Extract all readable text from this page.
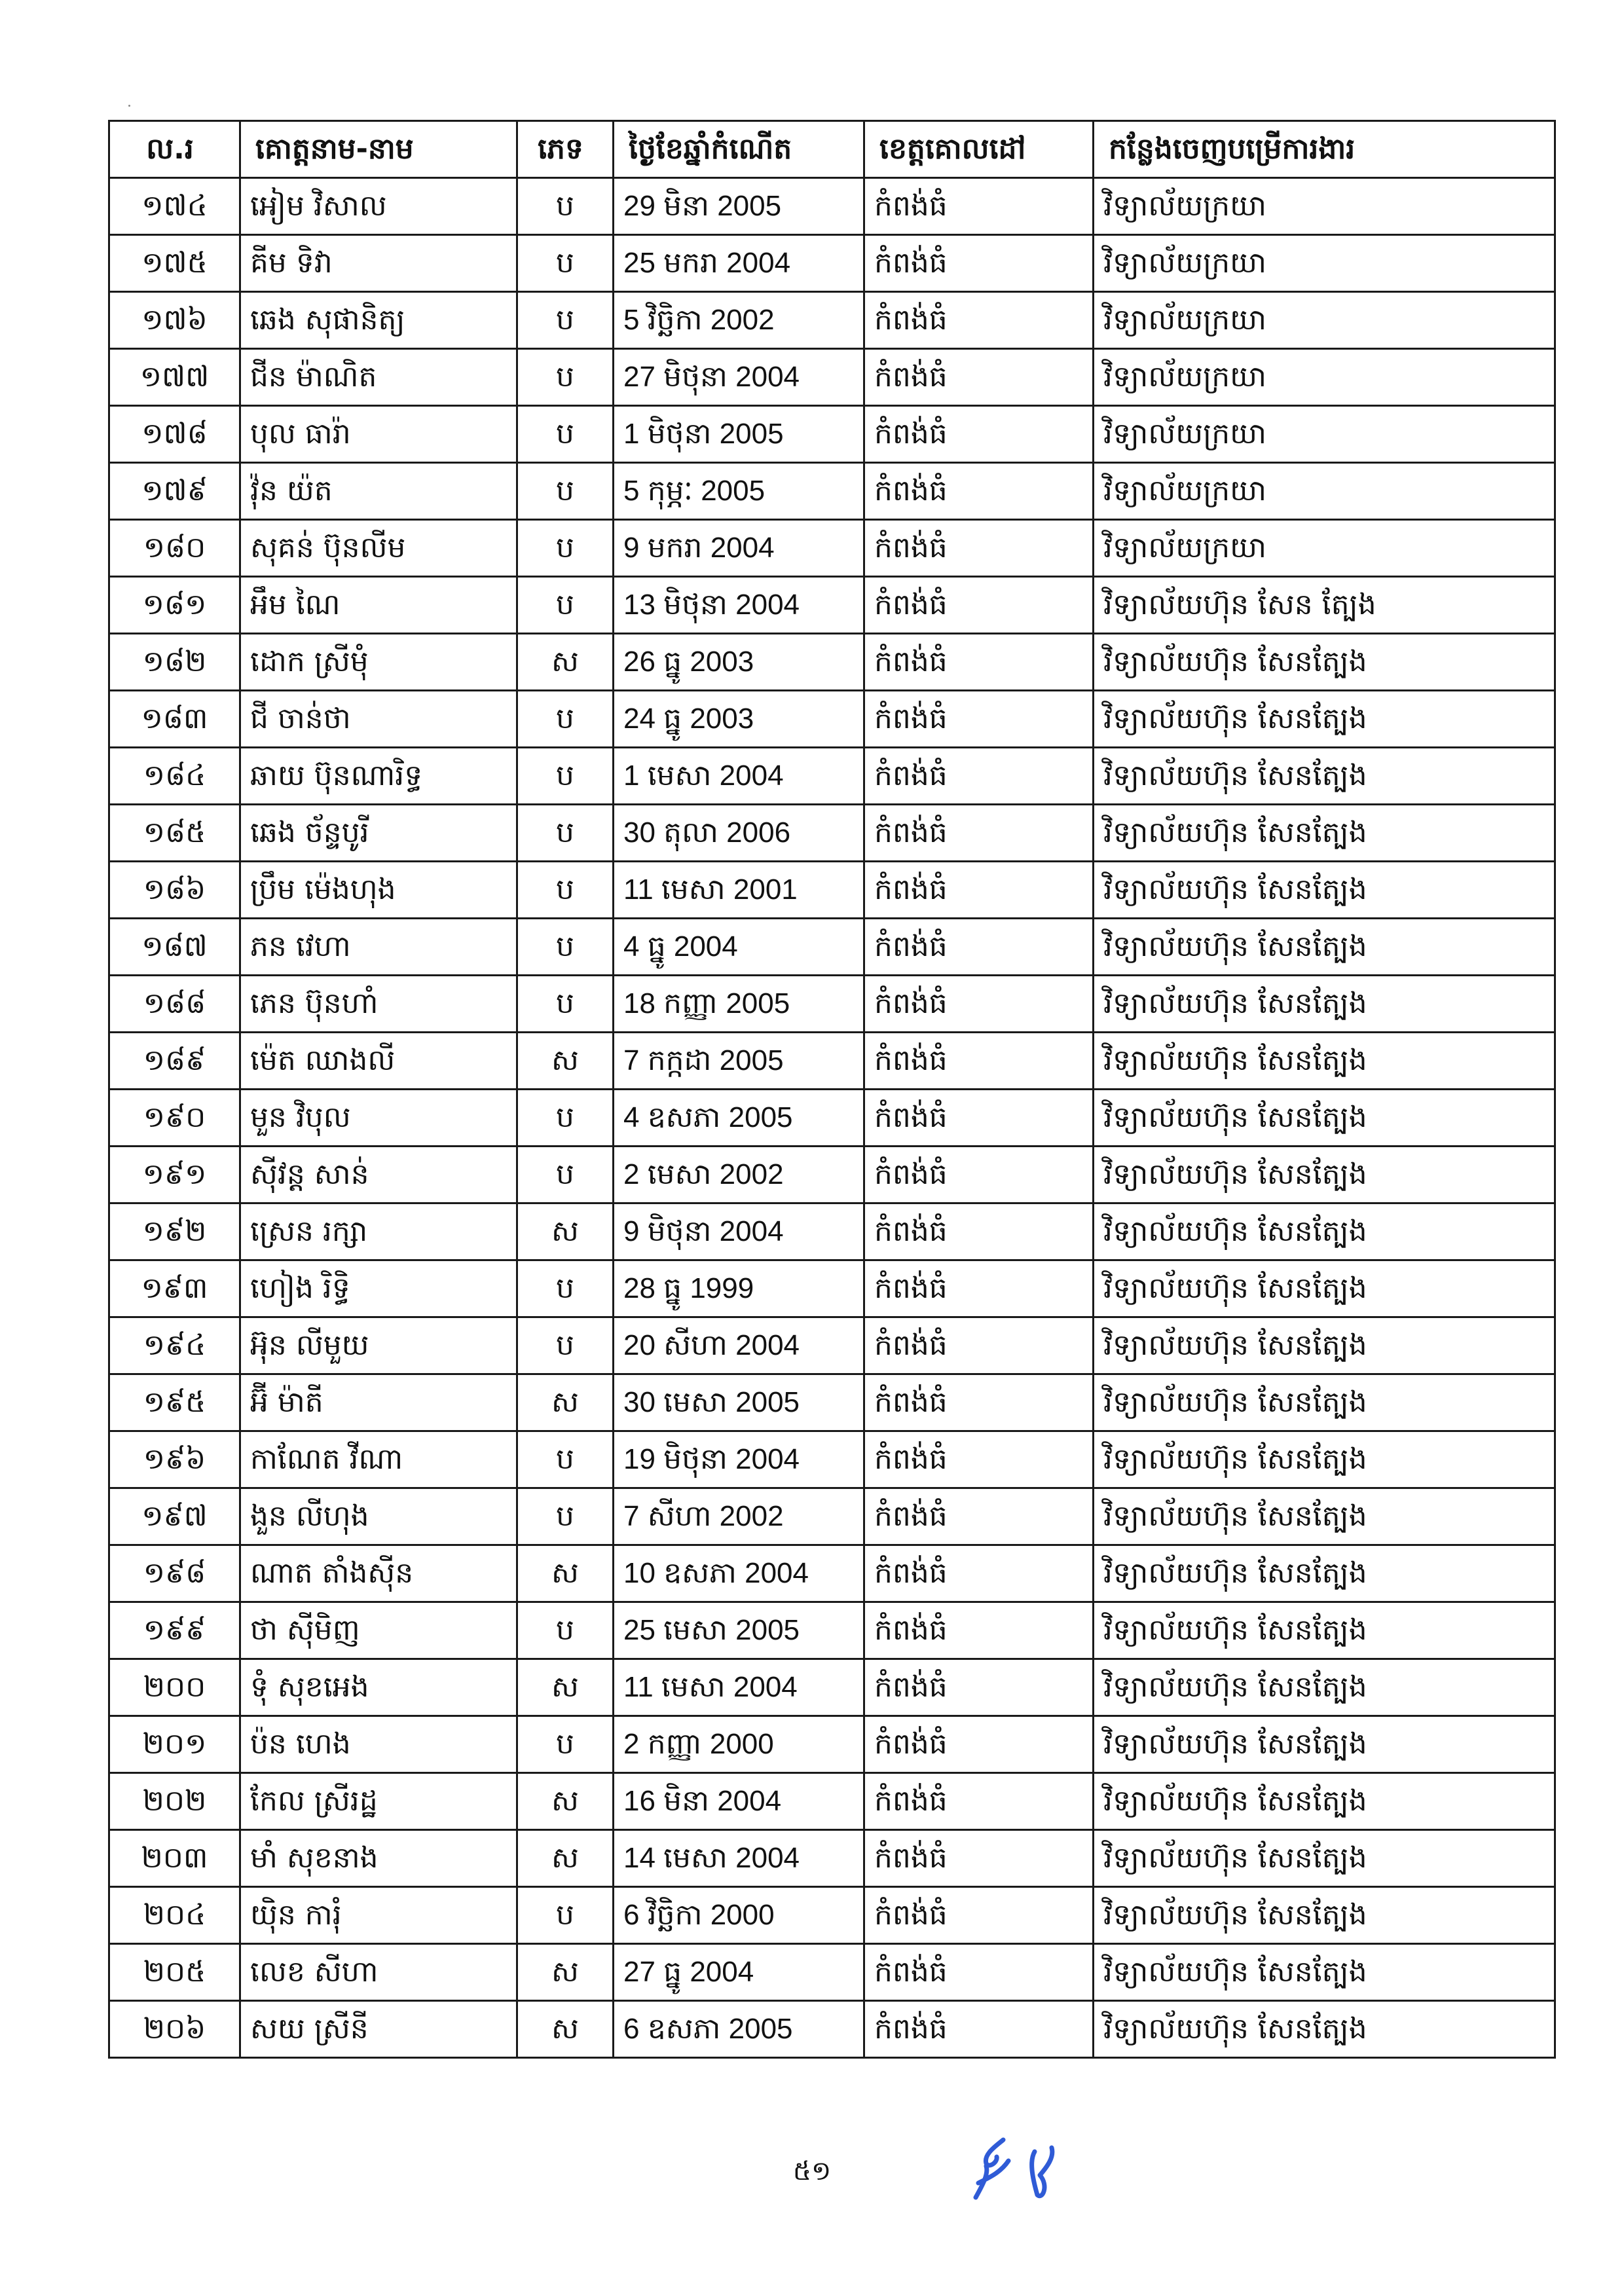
ល.រ	គោត្តនាម-នាម	ភេទ	ថ្ងៃខែឆ្នាំកំណើត	ខេត្តគោលដៅ	កន្លែងចេញបម្រើការងារ
១៧៤	អៀម វិសាល	ប	29 មិនា 2005	កំពង់ធំ	វិទ្យាល័យក្រយា
១៧៥	គីម ទិវា	ប	25 មករា 2004	កំពង់ធំ	វិទ្យាល័យក្រយា
១៧៦	ឆេង សុផានិត្យ	ប	5 វិច្ឆិកា 2002	កំពង់ធំ	វិទ្យាល័យក្រយា
១៧៧	ជីន ម៉ាណិត	ប	27 មិថុនា 2004	កំពង់ធំ	វិទ្យាល័យក្រយា
១៧៨	បុល ធារ៉ា	ប	1 មិថុនា 2005	កំពង់ធំ	វិទ្យាល័យក្រយា
១៧៩	វ៉ុន យ៉ត	ប	5 កុម្ភៈ 2005	កំពង់ធំ	វិទ្យាល័យក្រយា
១៨០	សុគន់ ប៊ុនលីម	ប	9 មករា 2004	កំពង់ធំ	វិទ្យាល័យក្រយា
១៨១	អឹម ណៃ	ប	13 មិថុនា 2004	កំពង់ធំ	វិទ្យាល័យហ៊ុន សែន ត្បែង
១៨២	ដោក ស្រីមុំ	ស	26 ធ្នូ 2003	កំពង់ធំ	វិទ្យាល័យហ៊ុន សែនត្បែង
១៨៣	ជី ចាន់ថា	ប	24 ធ្នូ 2003	កំពង់ធំ	វិទ្យាល័យហ៊ុន សែនត្បែង
១៨៤	ឆាយ ប៊ុនណារិទ្ធ	ប	1 មេសា 2004	កំពង់ធំ	វិទ្យាល័យហ៊ុន សែនត្បែង
១៨៥	ឆេង ច័ន្ទបូរី	ប	30 តុលា 2006	កំពង់ធំ	វិទ្យាល័យហ៊ុន សែនត្បែង
១៨៦	ប្រឹម ម៉េងហុង	ប	11 មេសា 2001	កំពង់ធំ	វិទ្យាល័យហ៊ុន សែនត្បែង
១៨៧	ភន វេហា	ប	4 ធ្នូ 2004	កំពង់ធំ	វិទ្យាល័យហ៊ុន សែនត្បែង
១៨៨	ភេន ប៊ុនហាំ	ប	18 កញ្ញា 2005	កំពង់ធំ	វិទ្យាល័យហ៊ុន សែនត្បែង
១៨៩	ម៉េត ឈាងលី	ស	7 កក្កដា 2005	កំពង់ធំ	វិទ្យាល័យហ៊ុន សែនត្បែង
១៩០	មួន វិបុល	ប	4 ឧសភា 2005	កំពង់ធំ	វិទ្យាល័យហ៊ុន សែនត្បែង
១៩១	ស៊ីវន្ត សាន់	ប	2 មេសា 2002	កំពង់ធំ	វិទ្យាល័យហ៊ុន សែនត្បែង
១៩២	ស្រេន រក្សា	ស	9 មិថុនា 2004	កំពង់ធំ	វិទ្យាល័យហ៊ុន សែនត្បែង
១៩៣	ហៀង រិទ្ធិ	ប	28 ធ្នូ 1999	កំពង់ធំ	វិទ្យាល័យហ៊ុន សែនត្បែង
១៩៤	អ៊ុន លីមួយ	ប	20 សីហា 2004	កំពង់ធំ	វិទ្យាល័យហ៊ុន សែនត្បែង
១៩៥	អ៊ី ម៉ាតី	ស	30 មេសា 2005	កំពង់ធំ	វិទ្យាល័យហ៊ុន សែនត្បែង
១៩៦	កាណែត វីណា	ប	19 មិថុនា 2004	កំពង់ធំ	វិទ្យាល័យហ៊ុន សែនត្បែង
១៩៧	ងួន លីហុង	ប	7 សីហា 2002	កំពង់ធំ	វិទ្យាល័យហ៊ុន សែនត្បែង
១៩៨	ណាត តាំងស៊ីន	ស	10 ឧសភា 2004	កំពង់ធំ	វិទ្យាល័យហ៊ុន សែនត្បែង
១៩៩	ថា ស៊ីមិញ	ប	25 មេសា 2005	កំពង់ធំ	វិទ្យាល័យហ៊ុន សែនត្បែង
២០០	ទុំ សុខអេង	ស	11 មេសា 2004	កំពង់ធំ	វិទ្យាល័យហ៊ុន សែនត្បែង
២០១	ប៉ន ហេង	ប	2 កញ្ញា 2000	កំពង់ធំ	វិទ្យាល័យហ៊ុន សែនត្បែង
២០២	កែល ស្រីរដ្ឋ	ស	16 មិនា 2004	កំពង់ធំ	វិទ្យាល័យហ៊ុន សែនត្បែង
២០៣	មាំ សុខនាង	ស	14 មេសា 2004	កំពង់ធំ	វិទ្យាល័យហ៊ុន សែនត្បែង
២០៤	យ៉ិន ការុំ	ប	6 វិច្ឆិកា 2000	កំពង់ធំ	វិទ្យាល័យហ៊ុន សែនត្បែង
២០៥	លេខ សីហា	ស	27 ធ្នូ 2004	កំពង់ធំ	វិទ្យាល័យហ៊ុន សែនត្បែង
២០៦	សយ ស្រីនី	ស	6 ឧសភា 2005	កំពង់ធំ	វិទ្យាល័យហ៊ុន សែនត្បែង
៥១
